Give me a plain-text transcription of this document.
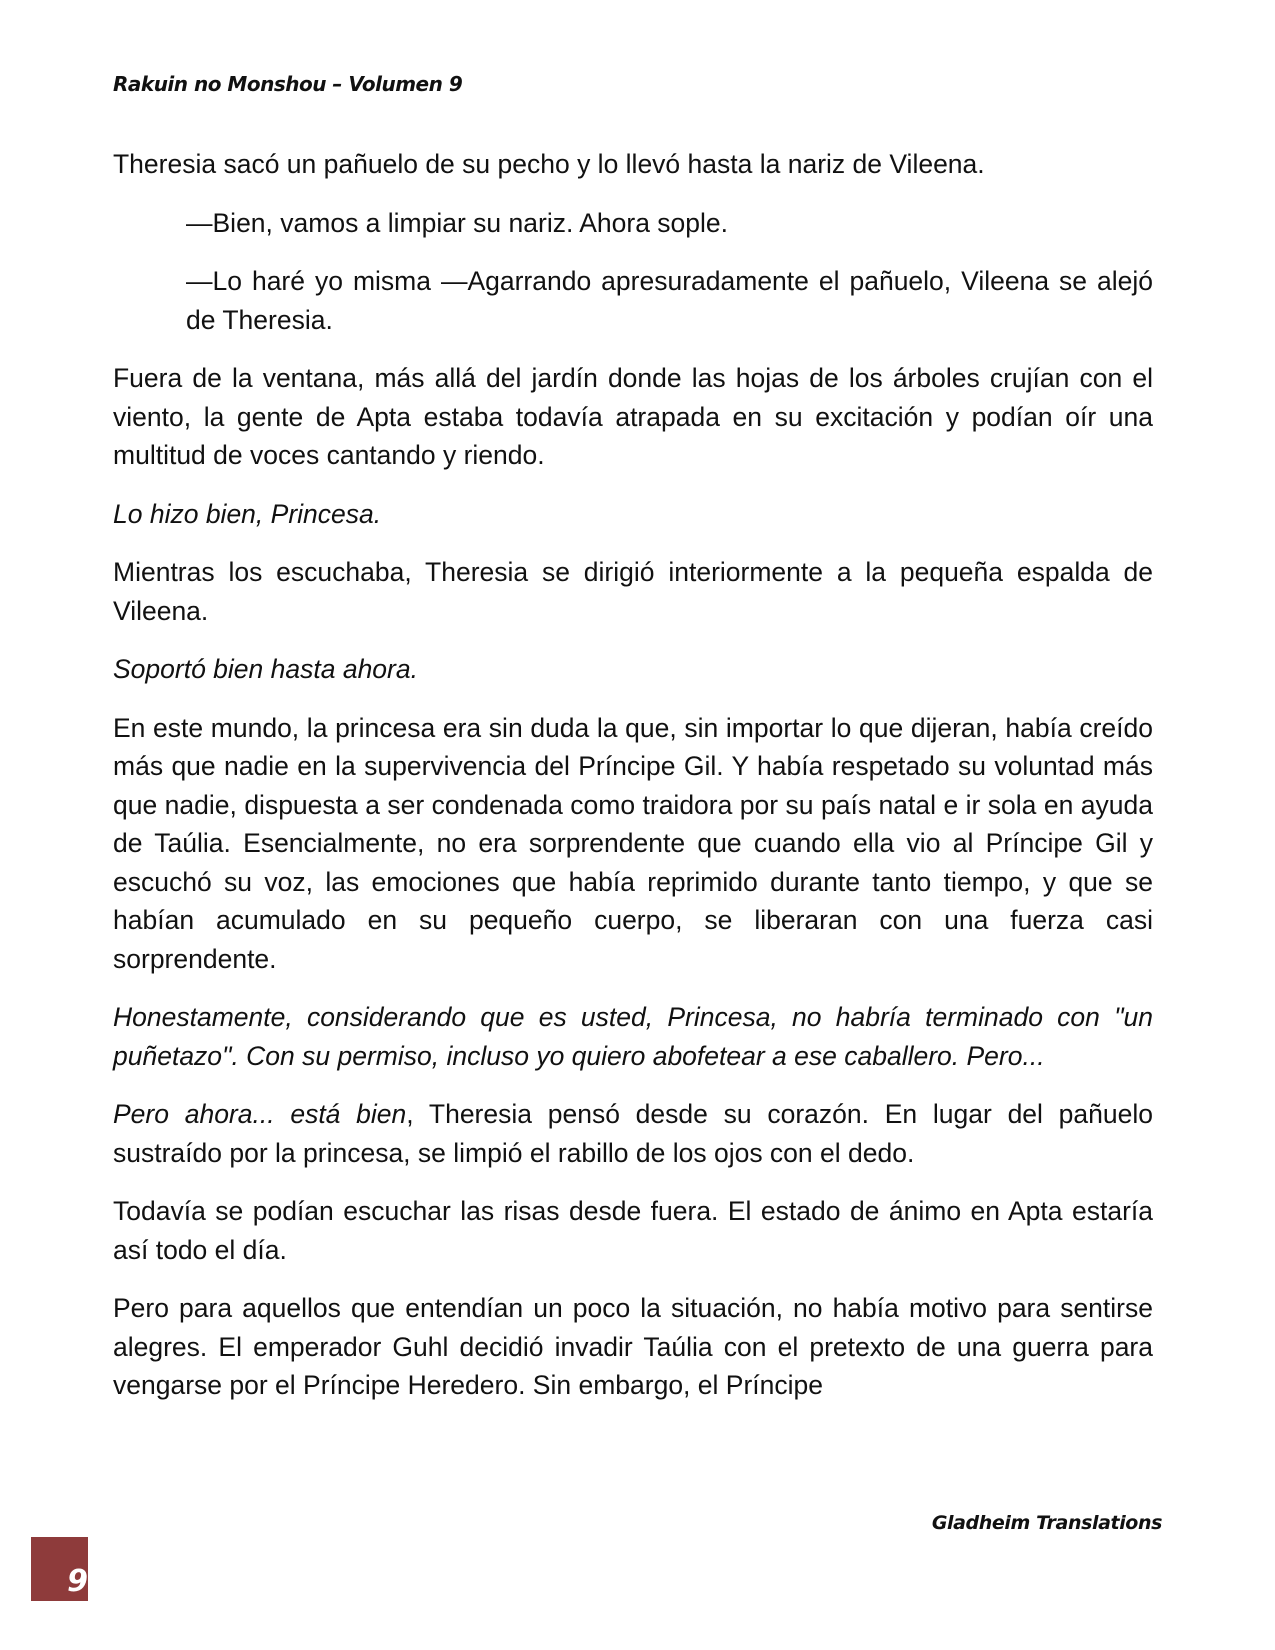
Rakuin no Monshou – Volumen 9

Theresia sacó un pañuelo de su pecho y lo llevó hasta la nariz de Vileena.

—Bien, vamos a limpiar su nariz. Ahora sople.

—Lo haré yo misma —Agarrando apresuradamente el pañuelo, Vileena se alejó de Theresia.

Fuera de la ventana, más allá del jardín donde las hojas de los árboles crujían con el viento, la gente de Apta estaba todavía atrapada en su excitación y podían oír una multitud de voces cantando y riendo.

Lo hizo bien, Princesa.

Mientras los escuchaba, Theresia se dirigió interiormente a la pequeña espalda de Vileena.

Soportó bien hasta ahora.

En este mundo, la princesa era sin duda la que, sin importar lo que dijeran, había creído más que nadie en la supervivencia del Príncipe Gil. Y había respetado su voluntad más que nadie, dispuesta a ser condenada como traidora por su país natal e ir sola en ayuda de Taúlia. Esencialmente, no era sorprendente que cuando ella vio al Príncipe Gil y escuchó su voz, las emociones que había reprimido durante tanto tiempo, y que se habían acumulado en su pequeño cuerpo, se liberaran con una fuerza casi sorprendente.

Honestamente, considerando que es usted, Princesa, no habría terminado con "un puñetazo". Con su permiso, incluso yo quiero abofetear a ese caballero. Pero...

Pero ahora... está bien, Theresia pensó desde su corazón. En lugar del pañuelo sustraído por la princesa, se limpió el rabillo de los ojos con el dedo.

Todavía se podían escuchar las risas desde fuera. El estado de ánimo en Apta estaría así todo el día.

Pero para aquellos que entendían un poco la situación, no había motivo para sentirse alegres. El emperador Guhl decidió invadir Taúlia con el pretexto de una guerra para vengarse por el Príncipe Heredero. Sin embargo, el Príncipe

Gladheim Translations
9
